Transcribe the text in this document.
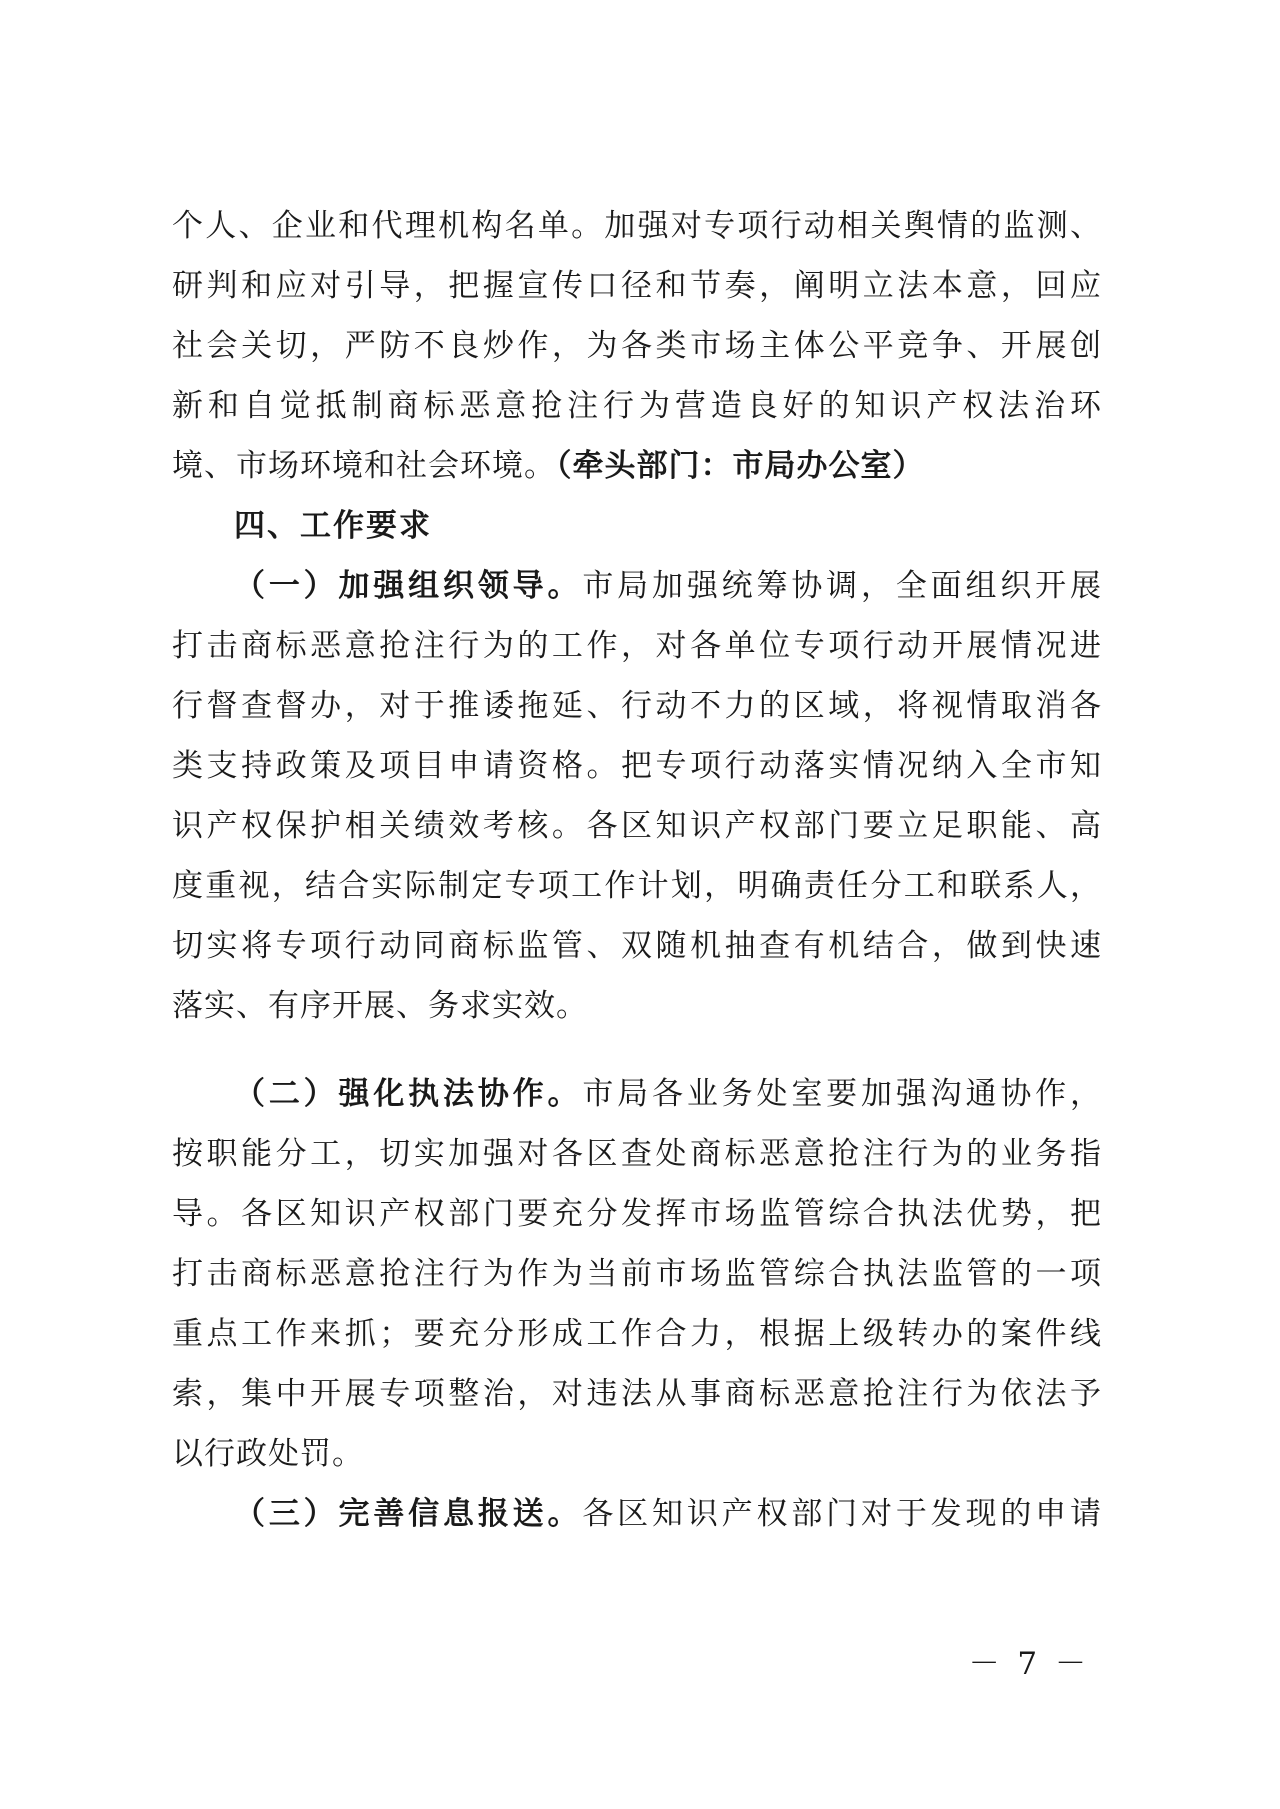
个人、企业和代理机构名单。加强对专项行动相关舆情的监测、
研判和应对引导，把握宣传口径和节奏，阐明立法本意，回应
社会关切，严防不良炒作，为各类市场主体公平竞争、开展创
新和自觉抵制商标恶意抢注行为营造良好的知识产权法治环
境、市场环境和社会环境。（牵头部门：市局办公室）
四、工作要求
（一）加强组织领导。市局加强统筹协调，全面组织开展
打击商标恶意抢注行为的工作，对各单位专项行动开展情况进
行督查督办，对于推诿拖延、行动不力的区域，将视情取消各
类支持政策及项目申请资格。把专项行动落实情况纳入全市知
识产权保护相关绩效考核。各区知识产权部门要立足职能、高
度重视，结合实际制定专项工作计划，明确责任分工和联系人，
切实将专项行动同商标监管、双随机抽查有机结合，做到快速
落实、有序开展、务求实效。
（二）强化执法协作。市局各业务处室要加强沟通协作，
按职能分工，切实加强对各区查处商标恶意抢注行为的业务指
导。各区知识产权部门要充分发挥市场监管综合执法优势，把
打击商标恶意抢注行为作为当前市场监管综合执法监管的一项
重点工作来抓；要充分形成工作合力，根据上级转办的案件线
索，集中开展专项整治，对违法从事商标恶意抢注行为依法予
以行政处罚。
（三）完善信息报送。各区知识产权部门对于发现的申请
－ 7 －
